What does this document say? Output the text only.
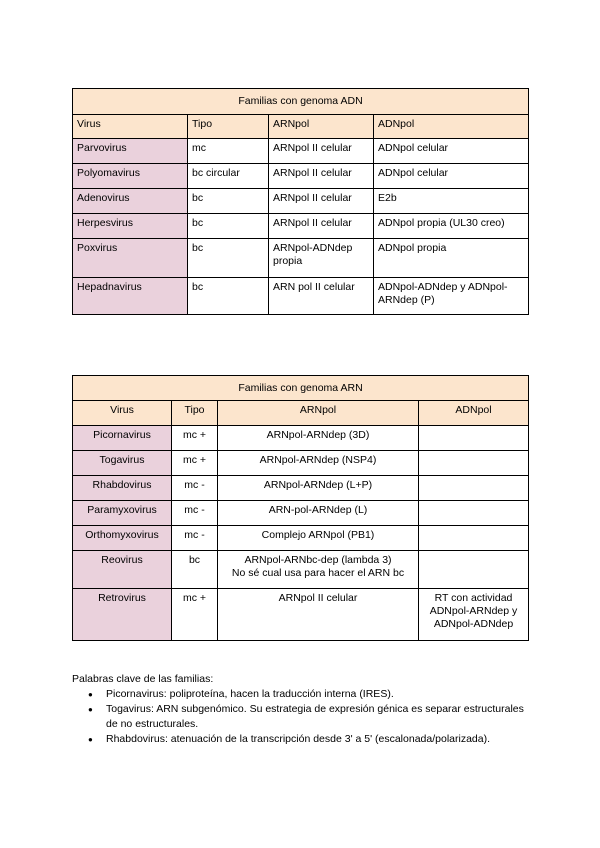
Familias con genoma ADN			
Virus	Tipo	ARNpol	ADNpol
Parvovirus	mc	ARNpol II celular	ADNpol celular
Polyomavirus	bc circular	ARNpol II celular	ADNpol celular
Adenovirus	bc	ARNpol II celular	E2b
Herpesvirus	bc	ARNpol II celular	ADNpol propia (UL30 creo)
Poxvirus	bc	ARNpol-ADNdep propia	ADNpol propia
Hepadnavirus	bc	ARN pol II celular	ADNpol-ADNdep y ADNpol-ARNdep (P)
Familias con genoma ARN			
Virus	Tipo	ARNpol	ADNpol
Picornavirus	mc +	ARNpol-ARNdep (3D)	
Togavirus	mc +	ARNpol-ARNdep (NSP4)	
Rhabdovirus	mc -	ARNpol-ARNdep (L+P)	
Paramyxovirus	mc -	ARN-pol-ARNdep (L)	
Orthomyxovirus	mc -	Complejo ARNpol (PB1)	
Reovirus	bc	ARNpol-ARNbc-dep (lambda 3)
No sé cual usa para hacer el ARN bc	

Retrovirus	mc +	ARNpol II celular	RT con actividad ADNpol-ARNdep y ADNpol-ADNdep
Palabras clave de las familias:
● Picornavirus: poliproteína, hacen la traducción interna (IRES).
● Togavirus: ARN subgenómico. Su estrategia de expresión génica es separar estructurales de no estructurales.
● Rhabdovirus: atenuación de la transcripción desde 3' a 5' (escalonada/polarizada).
